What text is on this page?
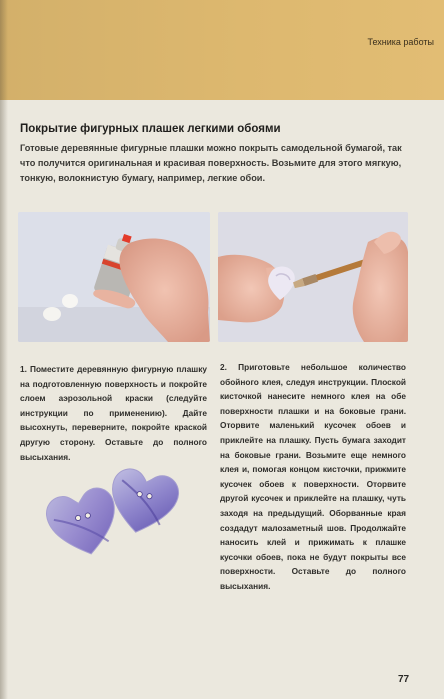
Техника работы
Покрытие фигурных плашек легкими обоями
Готовые деревянные фигурные плашки можно покрыть самодельной бумагой, так что получится оригинальная и красивая поверхность. Возьмите для этого мягкую, тонкую, волокнистую бумагу, например, легкие обои.
1. Поместите деревянную фигурную плашку на подготовленную поверхность и покройте слоем аэрозольной краски (следуйте инструкции по применению). Дайте высохнуть, переверните, покройте краской другую сторону. Оставьте до полного высыхания.
2. Приготовьте небольшое количество обойного клея, следуя инструкции. Плоской кисточкой нанесите немного клея на обе поверхности плашки и на боковые грани. Оторвите маленький кусочек обоев и приклейте на плашку. Пусть бумага заходит на боковые грани. Возьмите еще немного клея и, помогая концом кисточки, прижмите кусочек обоев к поверхности. Оторвите другой кусочек и приклейте на плашку, чуть заходя на предыдущий. Оборванные края создадут малозаметный шов. Продолжайте наносить клей и прижимать к плашке кусочки обоев, пока не будут покрыты все поверхности. Оставьте до полного высыхания.
77
